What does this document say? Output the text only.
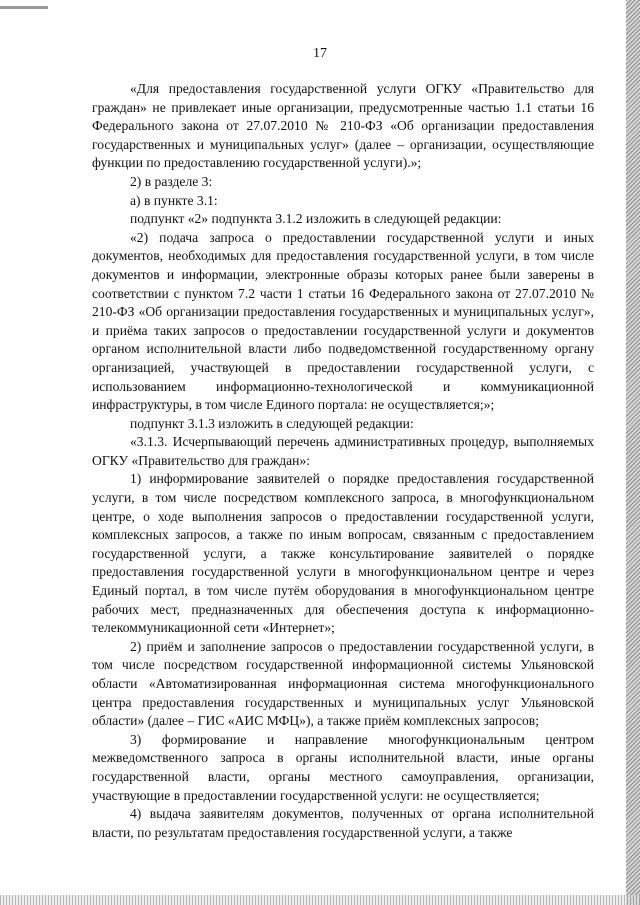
17

«Для предоставления государственной услуги ОГКУ «Правительство для граждан» не привлекает иные организации, предусмотренные частью 1.1 статьи 16 Федерального закона от 27.07.2010 № 210-ФЗ «Об организации предоставления государственных и муниципальных услуг» (далее – организации, осуществляющие функции по предоставлению государственной услуги).»;

2) в разделе 3:

а) в пункте 3.1:

подпункт «2» подпункта 3.1.2 изложить в следующей редакции:

«2) подача запроса о предоставлении государственной услуги и иных документов, необходимых для предоставления государственной услуги, в том числе документов и информации, электронные образы которых ранее были заверены в соответствии с пунктом 7.2 части 1 статьи 16 Федерального закона от 27.07.2010 № 210-ФЗ «Об организации предоставления государственных и муниципальных услуг», и приёма таких запросов о предоставлении государственной услуги и документов органом исполнительной власти либо подведомственной государственному органу организацией, участвующей в предоставлении государственной услуги, с использованием информационно-технологической и коммуникационной инфраструктуры, в том числе Единого портала: не осуществляется;»;

подпункт 3.1.3 изложить в следующей редакции:

«3.1.3. Исчерпывающий перечень административных процедур, выполняемых ОГКУ «Правительство для граждан»:

1) информирование заявителей о порядке предоставления государственной услуги, в том числе посредством комплексного запроса, в многофункциональном центре, о ходе выполнения запросов о предоставлении государственной услуги, комплексных запросов, а также по иным вопросам, связанным с предоставлением государственной услуги, а также консультирование заявителей о порядке предоставления государственной услуги в многофункциональном центре и через Единый портал, в том числе путём оборудования в многофункциональном центре рабочих мест, предназначенных для обеспечения доступа к информационно-телекоммуникационной сети «Интернет»;

2) приём и заполнение запросов о предоставлении государственной услуги, в том числе посредством государственной информационной системы Ульяновской области «Автоматизированная информационная система многофункционального центра предоставления государственных и муниципальных услуг Ульяновской области» (далее – ГИС «АИС МФЦ»), а также приём комплексных запросов;

3) формирование и направление многофункциональным центром межведомственного запроса в органы исполнительной власти, иные органы государственной власти, органы местного самоуправления, организации, участвующие в предоставлении государственной услуги: не осуществляется;

4) выдача заявителям документов, полученных от органа исполнительной власти, по результатам предоставления государственной услуги, а также
